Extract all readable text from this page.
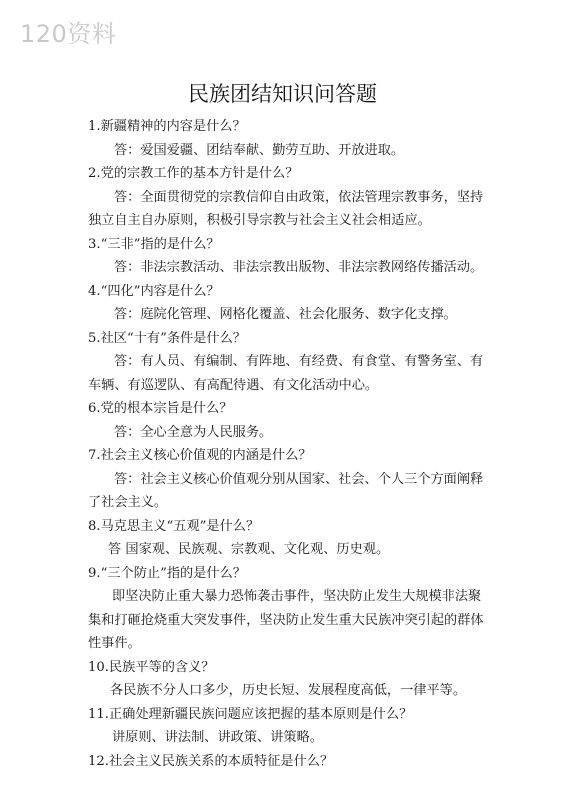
120资料
民族团结知识问答题

1.新疆精神的内容是什么？

答：爱国爱疆、团结奉献、勤劳互助、开放进取。

2.党的宗教工作的基本方针是什么？

答：全面贯彻党的宗教信仰自由政策，依法管理宗教事务，坚持独立自主自办原则，积极引导宗教与社会主义社会相适应。

3.“三非”指的是什么？

答：非法宗教活动、非法宗教出版物、非法宗教网络传播活动。

4.“四化”内容是什么？

答：庭院化管理、网格化覆盖、社会化服务、数字化支撑。

5.社区“十有”条件是什么？

答：有人员、有编制、有阵地、有经费、有食堂、有警务室、有车辆、有巡逻队、有高配待遇、有文化活动中心。

6.党的根本宗旨是什么？

答：全心全意为人民服务。

7.社会主义核心价值观的内涵是什么？

答：社会主义核心价值观分别从国家、社会、个人三个方面阐释了社会主义。

8.马克思主义“五观”是什么？

答 国家观、民族观、宗教观、文化观、历史观。

9.“三个防止”指的是什么？

即坚决防止重大暴力恐怖袭击事件，坚决防止发生大规模非法聚集和打砸抢烧重大突发事件，坚决防止发生重大民族冲突引起的群体性事件。

10.民族平等的含义？

各民族不分人口多少，历史长短、发展程度高低，一律平等。

11.正确处理新疆民族问题应该把握的基本原则是什么？

讲原则、讲法制、讲政策、讲策略。

12.社会主义民族关系的本质特征是什么？
